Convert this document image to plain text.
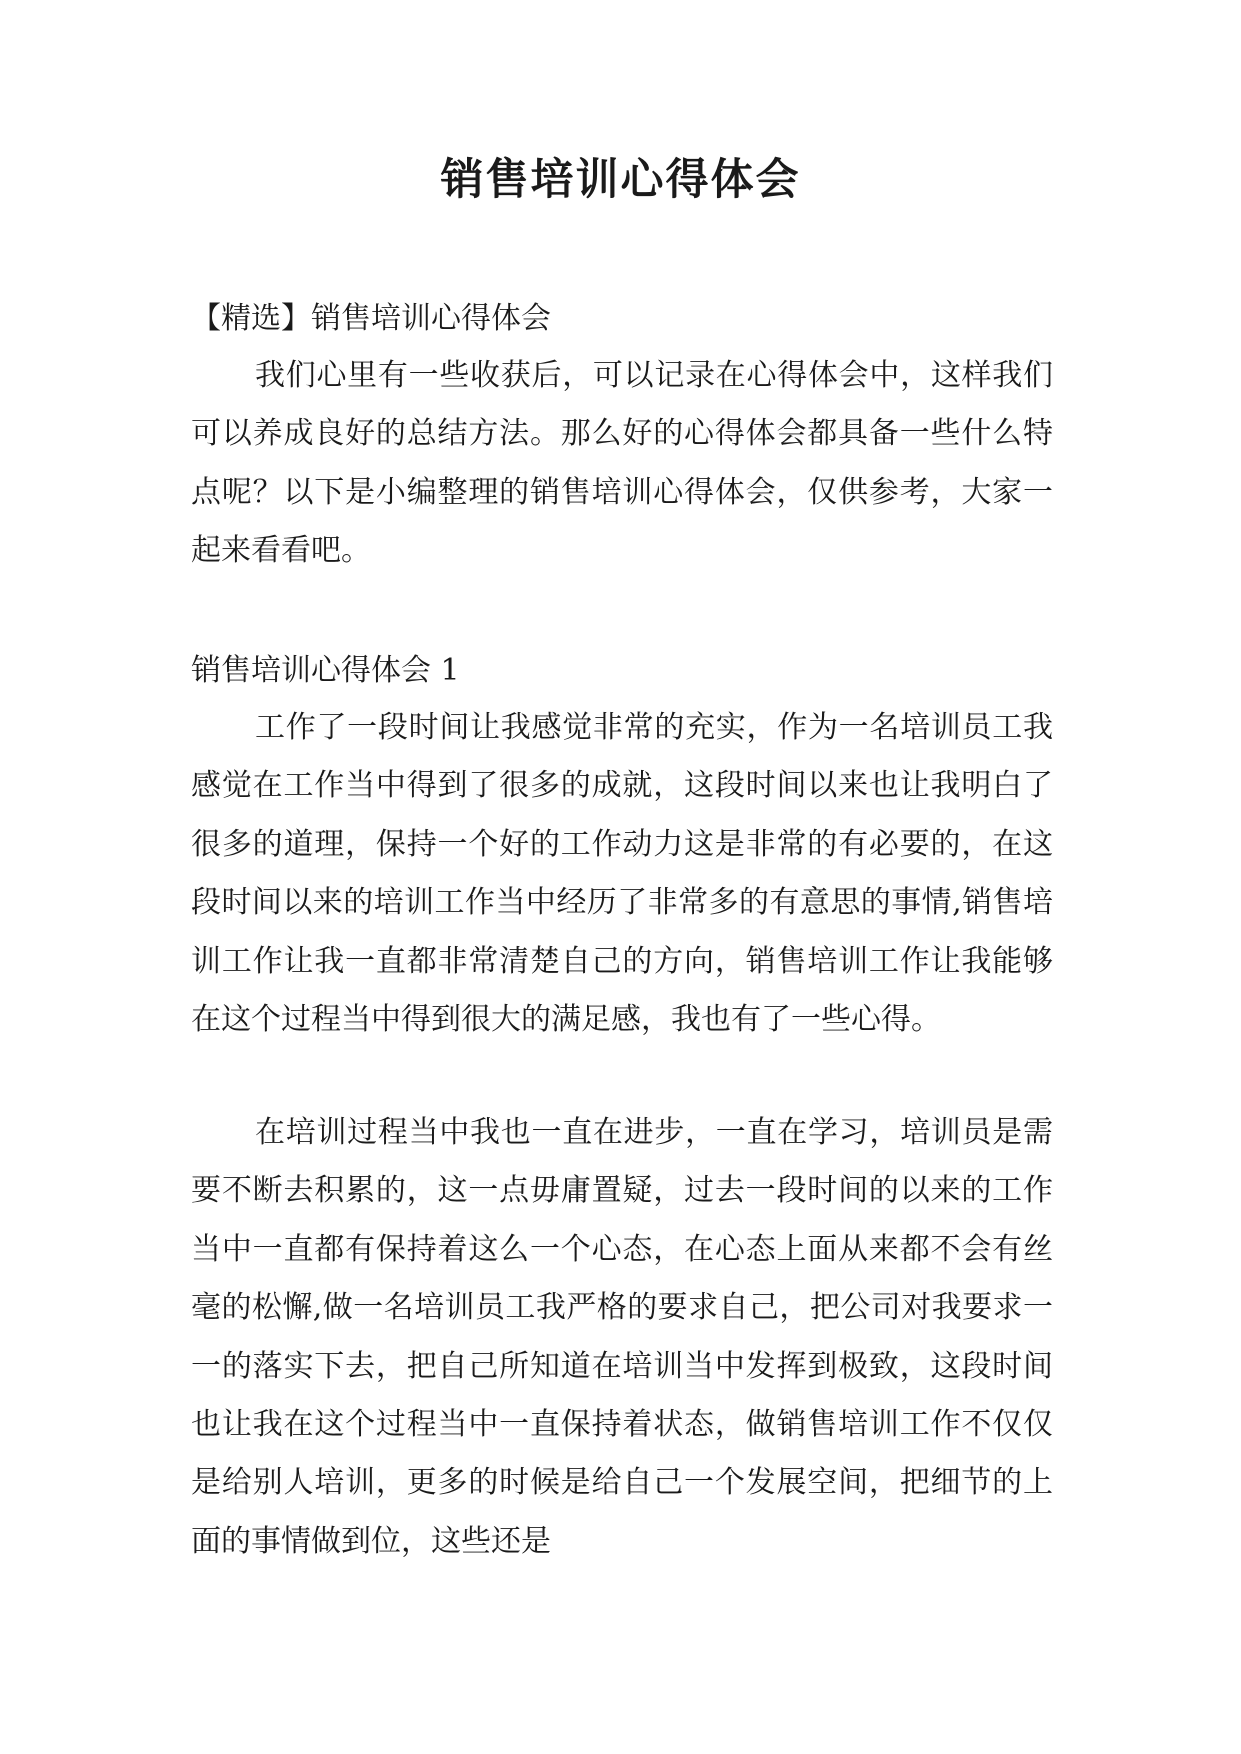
销售培训心得体会

【精选】销售培训心得体会

我们心里有一些收获后，可以记录在心得体会中，这样我们可以养成良好的总结方法。那么好的心得体会都具备一些什么特点呢？以下是小编整理的销售培训心得体会，仅供参考，大家一起来看看吧。

销售培训心得体会 1

工作了一段时间让我感觉非常的充实，作为一名培训员工我感觉在工作当中得到了很多的成就，这段时间以来也让我明白了很多的道理，保持一个好的工作动力这是非常的有必要的，在这段时间以来的培训工作当中经历了非常多的有意思的事情,销售培训工作让我一直都非常清楚自己的方向，销售培训工作让我能够在这个过程当中得到很大的满足感，我也有了一些心得。

在培训过程当中我也一直在进步，一直在学习，培训员是需要不断去积累的，这一点毋庸置疑，过去一段时间的以来的工作当中一直都有保持着这么一个心态，在心态上面从来都不会有丝毫的松懈,做一名培训员工我严格的要求自己，把公司对我要求一一的落实下去，把自己所知道在培训当中发挥到极致，这段时间也让我在这个过程当中一直保持着状态，做销售培训工作不仅仅是给别人培训，更多的时候是给自己一个发展空间，把细节的上面的事情做到位，这些还是
